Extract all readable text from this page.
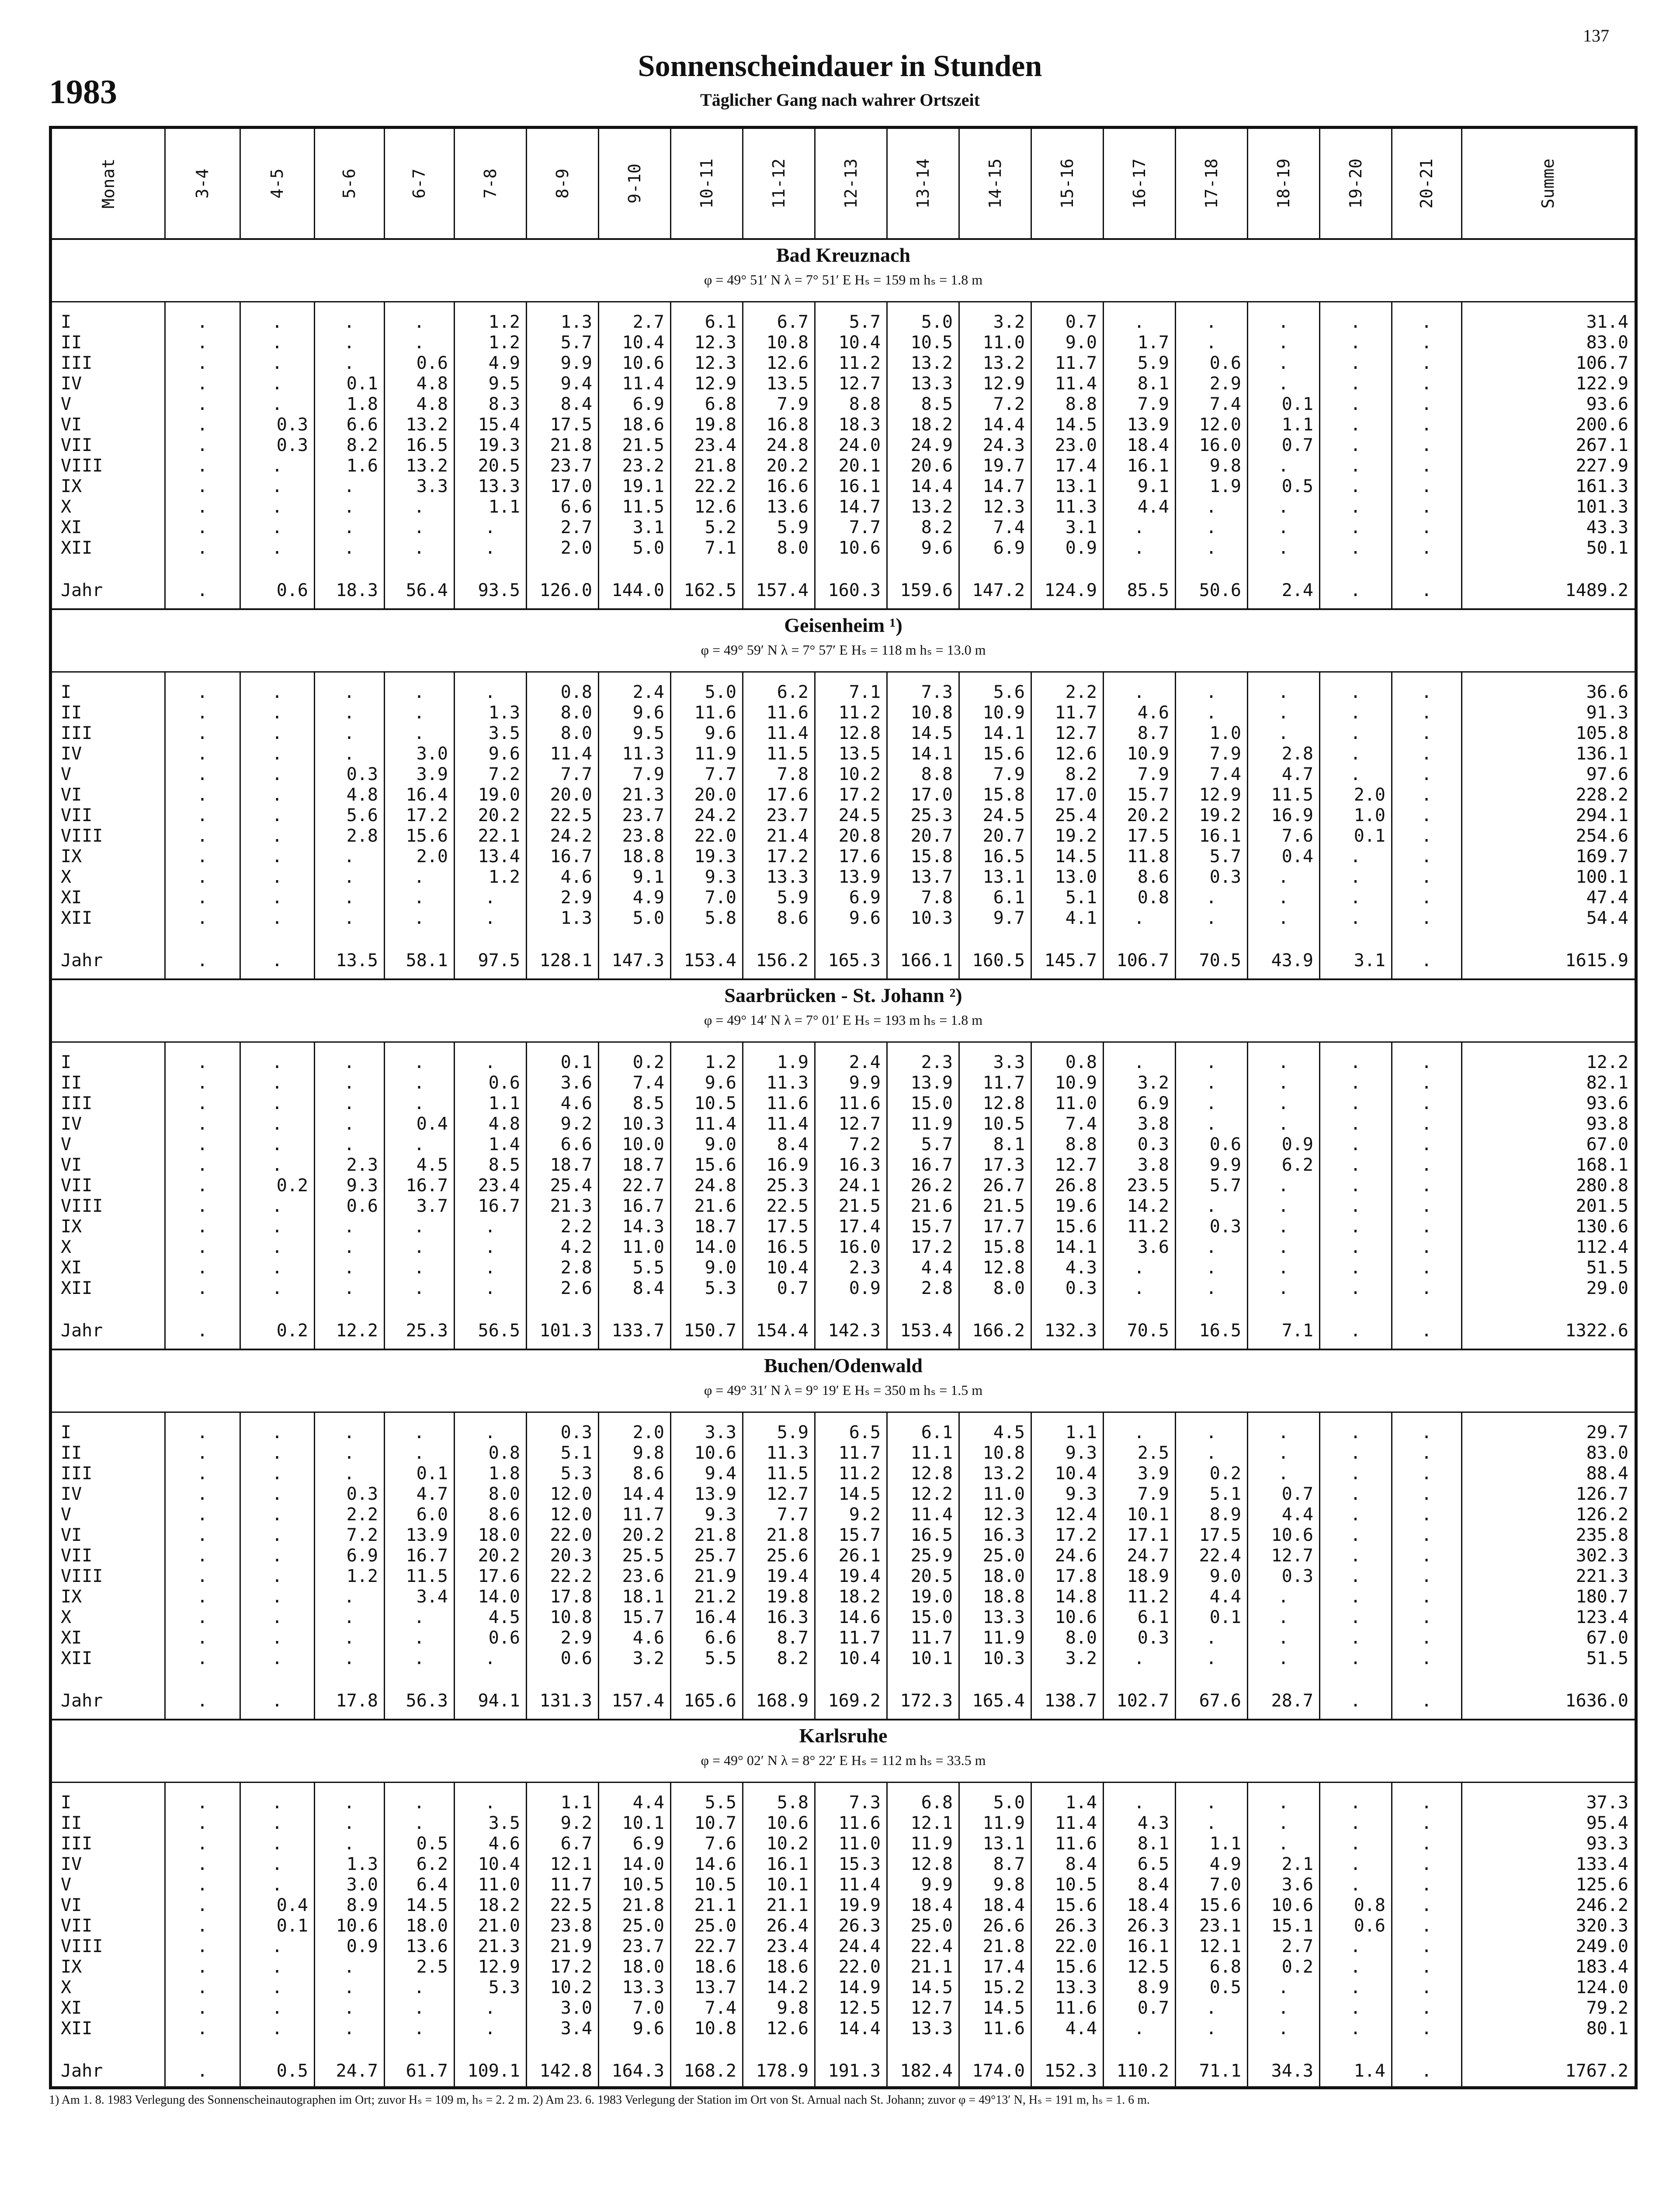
137
1983
Sonnenscheindauer in Stunden
Täglicher Gang nach wahrer Ortszeit
Monat	3-4	4-5	5-6	6-7	7-8	8-9	9-10	10-11	11-12	12-13	13-14	14-15	15-16	16-17	17-18	18-19	19-20	20-21	Summe
I	.	.	.	.	1.2	1.3	2.7	6.1	6.7	5.7	5.0	3.2	0.7	.	.	.	.	.	31.4
II	.	.	.	.	1.2	5.7	10.4	12.3	10.8	10.4	10.5	11.0	9.0	1.7	.	.	.	.	83.0
III	.	.	.	0.6	4.9	9.9	10.6	12.3	12.6	11.2	13.2	13.2	11.7	5.9	0.6	.	.	.	106.7
IV	.	.	0.1	4.8	9.5	9.4	11.4	12.9	13.5	12.7	13.3	12.9	11.4	8.1	2.9	.	.	.	122.9
V	.	.	1.8	4.8	8.3	8.4	6.9	6.8	7.9	8.8	8.5	7.2	8.8	7.9	7.4	0.1	.	.	93.6
VI	.	0.3	6.6	13.2	15.4	17.5	18.6	19.8	16.8	18.3	18.2	14.4	14.5	13.9	12.0	1.1	.	.	200.6
VII	.	0.3	8.2	16.5	19.3	21.8	21.5	23.4	24.8	24.0	24.9	24.3	23.0	18.4	16.0	0.7	.	.	267.1
VIII	.	.	1.6	13.2	20.5	23.7	23.2	21.8	20.2	20.1	20.6	19.7	17.4	16.1	9.8	.	.	.	227.9
IX	.	.	.	3.3	13.3	17.0	19.1	22.2	16.6	16.1	14.4	14.7	13.1	9.1	1.9	0.5	.	.	161.3
X	.	.	.	.	1.1	6.6	11.5	12.6	13.6	14.7	13.2	12.3	11.3	4.4	.	.	.	.	101.3
XI	.	.	.	.	.	2.7	3.1	5.2	5.9	7.7	8.2	7.4	3.1	.	.	.	.	.	43.3
XII	.	.	.	.	.	2.0	5.0	7.1	8.0	10.6	9.6	6.9	0.9	.	.	.	.	.	50.1
Jahr	.	0.6	18.3	56.4	93.5	126.0	144.0	162.5	157.4	160.3	159.6	147.2	124.9	85.5	50.6	2.4	.	.	1489.2
I	.	.	.	.	.	0.8	2.4	5.0	6.2	7.1	7.3	5.6	2.2	.	.	.	.	.	36.6
II	.	.	.	.	1.3	8.0	9.6	11.6	11.6	11.2	10.8	10.9	11.7	4.6	.	.	.	.	91.3
III	.	.	.	.	3.5	8.0	9.5	9.6	11.4	12.8	14.5	14.1	12.7	8.7	1.0	.	.	.	105.8
IV	.	.	.	3.0	9.6	11.4	11.3	11.9	11.5	13.5	14.1	15.6	12.6	10.9	7.9	2.8	.	.	136.1
V	.	.	0.3	3.9	7.2	7.7	7.9	7.7	7.8	10.2	8.8	7.9	8.2	7.9	7.4	4.7	.	.	97.6
VI	.	.	4.8	16.4	19.0	20.0	21.3	20.0	17.6	17.2	17.0	15.8	17.0	15.7	12.9	11.5	2.0	.	228.2
VII	.	.	5.6	17.2	20.2	22.5	23.7	24.2	23.7	24.5	25.3	24.5	25.4	20.2	19.2	16.9	1.0	.	294.1
VIII	.	.	2.8	15.6	22.1	24.2	23.8	22.0	21.4	20.8	20.7	20.7	19.2	17.5	16.1	7.6	0.1	.	254.6
IX	.	.	.	2.0	13.4	16.7	18.8	19.3	17.2	17.6	15.8	16.5	14.5	11.8	5.7	0.4	.	.	169.7
X	.	.	.	.	1.2	4.6	9.1	9.3	13.3	13.9	13.7	13.1	13.0	8.6	0.3	.	.	.	100.1
XI	.	.	.	.	.	2.9	4.9	7.0	5.9	6.9	7.8	6.1	5.1	0.8	.	.	.	.	47.4
XII	.	.	.	.	.	1.3	5.0	5.8	8.6	9.6	10.3	9.7	4.1	.	.	.	.	.	54.4
Jahr	.	.	13.5	58.1	97.5	128.1	147.3	153.4	156.2	165.3	166.1	160.5	145.7	106.7	70.5	43.9	3.1	.	1615.9
I	.	.	.	.	.	0.1	0.2	1.2	1.9	2.4	2.3	3.3	0.8	.	.	.	.	.	12.2
II	.	.	.	.	0.6	3.6	7.4	9.6	11.3	9.9	13.9	11.7	10.9	3.2	.	.	.	.	82.1
III	.	.	.	.	1.1	4.6	8.5	10.5	11.6	11.6	15.0	12.8	11.0	6.9	.	.	.	.	93.6
IV	.	.	.	0.4	4.8	9.2	10.3	11.4	11.4	12.7	11.9	10.5	7.4	3.8	.	.	.	.	93.8
V	.	.	.	.	1.4	6.6	10.0	9.0	8.4	7.2	5.7	8.1	8.8	0.3	0.6	0.9	.	.	67.0
VI	.	.	2.3	4.5	8.5	18.7	18.7	15.6	16.9	16.3	16.7	17.3	12.7	3.8	9.9	6.2	.	.	168.1
VII	.	0.2	9.3	16.7	23.4	25.4	22.7	24.8	25.3	24.1	26.2	26.7	26.8	23.5	5.7	.	.	.	280.8
VIII	.	.	0.6	3.7	16.7	21.3	16.7	21.6	22.5	21.5	21.6	21.5	19.6	14.2	.	.	.	.	201.5
IX	.	.	.	.	.	2.2	14.3	18.7	17.5	17.4	15.7	17.7	15.6	11.2	0.3	.	.	.	130.6
X	.	.	.	.	.	4.2	11.0	14.0	16.5	16.0	17.2	15.8	14.1	3.6	.	.	.	.	112.4
XI	.	.	.	.	.	2.8	5.5	9.0	10.4	2.3	4.4	12.8	4.3	.	.	.	.	.	51.5
XII	.	.	.	.	.	2.6	8.4	5.3	0.7	0.9	2.8	8.0	0.3	.	.	.	.	.	29.0
Jahr	.	0.2	12.2	25.3	56.5	101.3	133.7	150.7	154.4	142.3	153.4	166.2	132.3	70.5	16.5	7.1	.	.	1322.6
I	.	.	.	.	.	0.3	2.0	3.3	5.9	6.5	6.1	4.5	1.1	.	.	.	.	.	29.7
II	.	.	.	.	0.8	5.1	9.8	10.6	11.3	11.7	11.1	10.8	9.3	2.5	.	.	.	.	83.0
III	.	.	.	0.1	1.8	5.3	8.6	9.4	11.5	11.2	12.8	13.2	10.4	3.9	0.2	.	.	.	88.4
IV	.	.	0.3	4.7	8.0	12.0	14.4	13.9	12.7	14.5	12.2	11.0	9.3	7.9	5.1	0.7	.	.	126.7
V	.	.	2.2	6.0	8.6	12.0	11.7	9.3	7.7	9.2	11.4	12.3	12.4	10.1	8.9	4.4	.	.	126.2
VI	.	.	7.2	13.9	18.0	22.0	20.2	21.8	21.8	15.7	16.5	16.3	17.2	17.1	17.5	10.6	.	.	235.8
VII	.	.	6.9	16.7	20.2	20.3	25.5	25.7	25.6	26.1	25.9	25.0	24.6	24.7	22.4	12.7	.	.	302.3
VIII	.	.	1.2	11.5	17.6	22.2	23.6	21.9	19.4	19.4	20.5	18.0	17.8	18.9	9.0	0.3	.	.	221.3
IX	.	.	.	3.4	14.0	17.8	18.1	21.2	19.8	18.2	19.0	18.8	14.8	11.2	4.4	.	.	.	180.7
X	.	.	.	.	4.5	10.8	15.7	16.4	16.3	14.6	15.0	13.3	10.6	6.1	0.1	.	.	.	123.4
XI	.	.	.	.	0.6	2.9	4.6	6.6	8.7	11.7	11.7	11.9	8.0	0.3	.	.	.	.	67.0
XII	.	.	.	.	.	0.6	3.2	5.5	8.2	10.4	10.1	10.3	3.2	.	.	.	.	.	51.5
Jahr	.	.	17.8	56.3	94.1	131.3	157.4	165.6	168.9	169.2	172.3	165.4	138.7	102.7	67.6	28.7	.	.	1636.0
I	.	.	.	.	.	1.1	4.4	5.5	5.8	7.3	6.8	5.0	1.4	.	.	.	.	.	37.3
II	.	.	.	.	3.5	9.2	10.1	10.7	10.6	11.6	12.1	11.9	11.4	4.3	.	.	.	.	95.4
III	.	.	.	0.5	4.6	6.7	6.9	7.6	10.2	11.0	11.9	13.1	11.6	8.1	1.1	.	.	.	93.3
IV	.	.	1.3	6.2	10.4	12.1	14.0	14.6	16.1	15.3	12.8	8.7	8.4	6.5	4.9	2.1	.	.	133.4
V	.	.	3.0	6.4	11.0	11.7	10.5	10.5	10.1	11.4	9.9	9.8	10.5	8.4	7.0	3.6	.	.	125.6
VI	.	0.4	8.9	14.5	18.2	22.5	21.8	21.1	21.1	19.9	18.4	18.4	15.6	18.4	15.6	10.6	0.8	.	246.2
VII	.	0.1	10.6	18.0	21.0	23.8	25.0	25.0	26.4	26.3	25.0	26.6	26.3	26.3	23.1	15.1	0.6	.	320.3
VIII	.	.	0.9	13.6	21.3	21.9	23.7	22.7	23.4	24.4	22.4	21.8	22.0	16.1	12.1	2.7	.	.	249.0
IX	.	.	.	2.5	12.9	17.2	18.0	18.6	18.6	22.0	21.1	17.4	15.6	12.5	6.8	0.2	.	.	183.4
X	.	.	.	.	5.3	10.2	13.3	13.7	14.2	14.9	14.5	15.2	13.3	8.9	0.5	.	.	.	124.0
XI	.	.	.	.	.	3.0	7.0	7.4	9.8	12.5	12.7	14.5	11.6	0.7	.	.	.	.	79.2
XII	.	.	.	.	.	3.4	9.6	10.8	12.6	14.4	13.3	11.6	4.4	.	.	.	.	.	80.1
Jahr	.	0.5	24.7	61.7	109.1	142.8	164.3	168.2	178.9	191.3	182.4	174.0	152.3	110.2	71.1	34.3	1.4	.	1767.2
Bad Kreuznach
φ = 49° 51′ N λ = 7° 51′ E Hₛ = 159 m hₛ = 1.8 m
Geisenheim ¹)
φ = 49° 59′ N λ = 7° 57′ E Hₛ = 118 m hₛ = 13.0 m
Saarbrücken - St. Johann ²)
φ = 49° 14′ N λ = 7° 01′ E Hₛ = 193 m hₛ = 1.8 m
Buchen/Odenwald
φ = 49° 31′ N λ = 9° 19′ E Hₛ = 350 m hₛ = 1.5 m
Karlsruhe
φ = 49° 02′ N λ = 8° 22′ E Hₛ = 112 m hₛ = 33.5 m
1) Am 1. 8. 1983 Verlegung des Sonnenscheinautographen im Ort; zuvor Hₛ = 109 m, hₛ = 2. 2 m. 2) Am 23. 6. 1983 Verlegung der Station im Ort von St. Arnual nach St. Johann; zuvor φ = 49°13′ N, Hₛ = 191 m, hₛ = 1. 6 m.
